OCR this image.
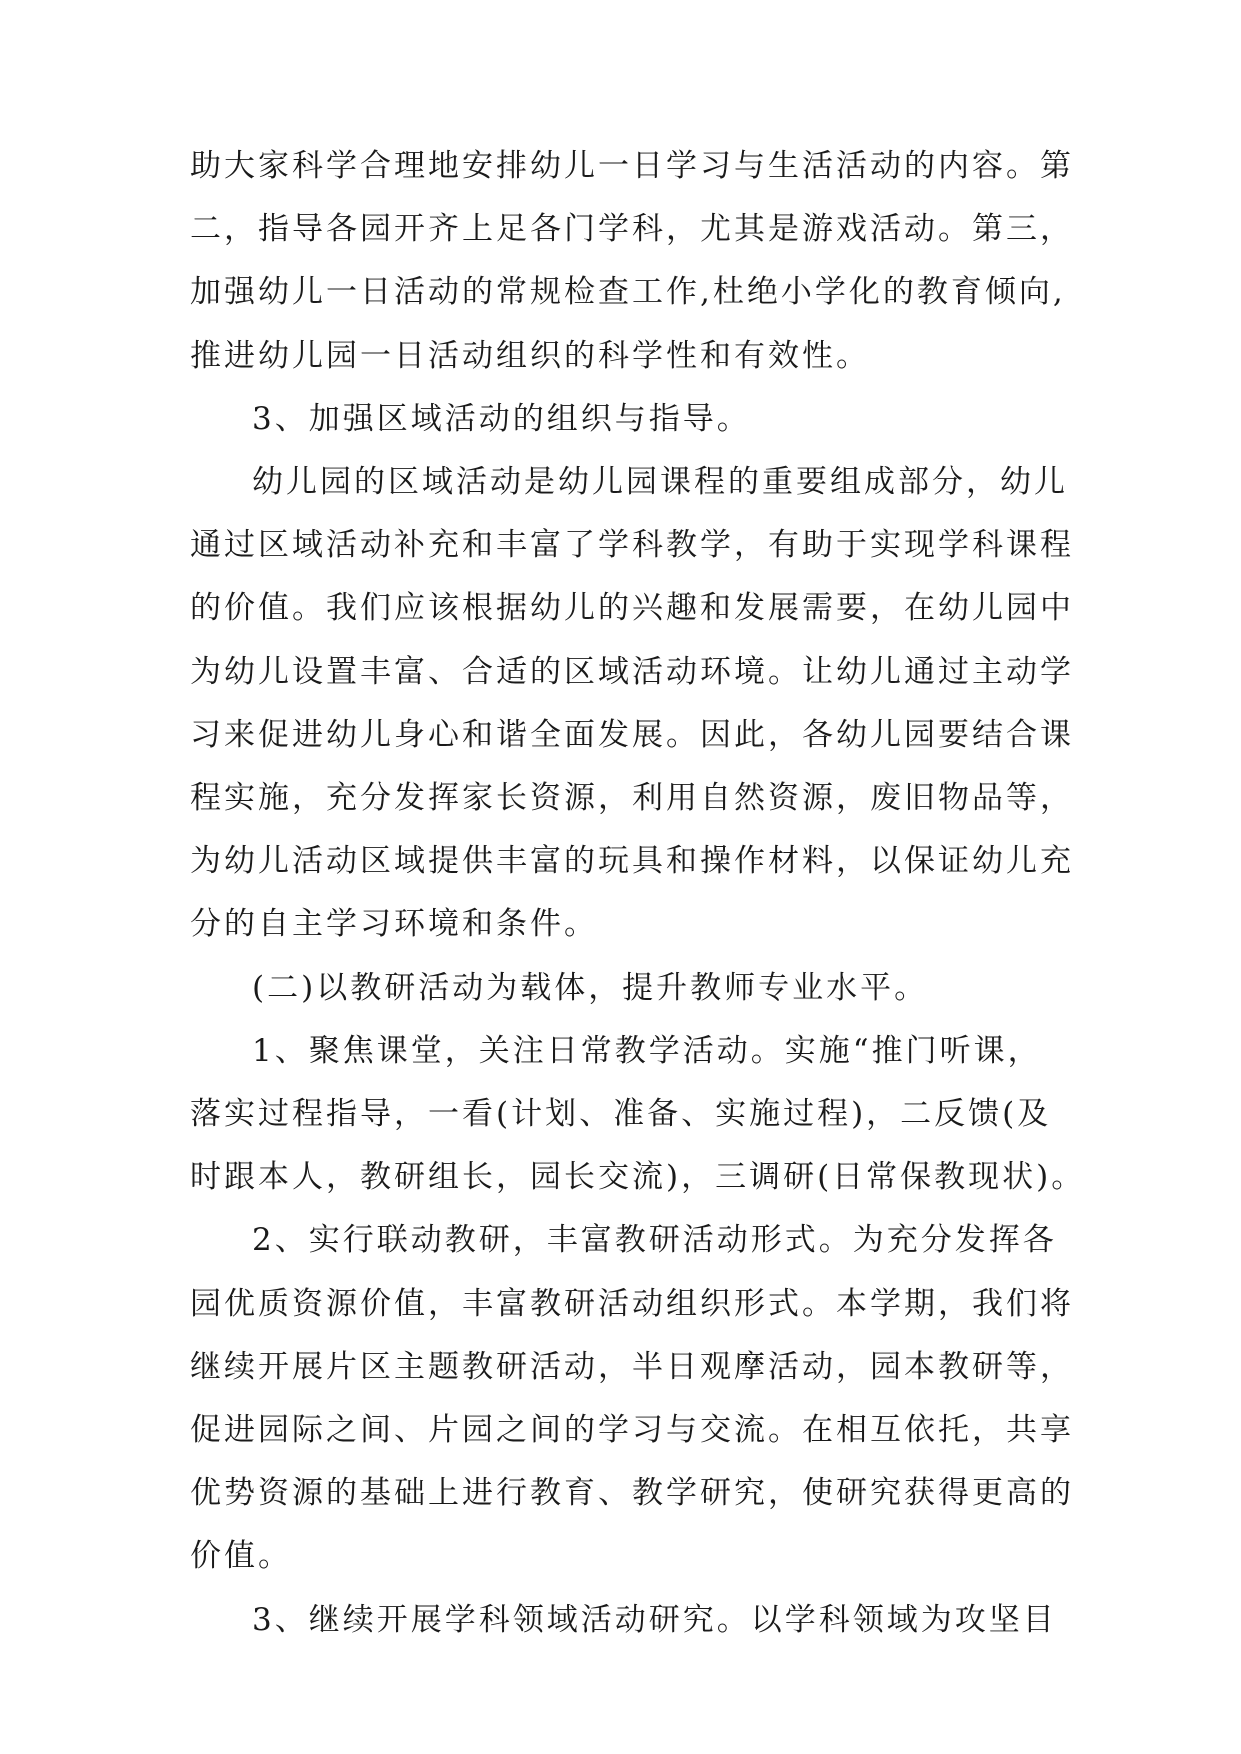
助大家科学合理地安排幼儿一日学习与生活活动的内容。第
二，指导各园开齐上足各门学科，尤其是游戏活动。第三，
加强幼儿一日活动的常规检查工作,杜绝小学化的教育倾向,
推进幼儿园一日活动组织的科学性和有效性。
3、加强区域活动的组织与指导。
幼儿园的区域活动是幼儿园课程的重要组成部分，幼儿
通过区域活动补充和丰富了学科教学，有助于实现学科课程
的价值。我们应该根据幼儿的兴趣和发展需要，在幼儿园中
为幼儿设置丰富、合适的区域活动环境。让幼儿通过主动学
习来促进幼儿身心和谐全面发展。因此，各幼儿园要结合课
程实施，充分发挥家长资源，利用自然资源，废旧物品等，
为幼儿活动区域提供丰富的玩具和操作材料，以保证幼儿充
分的自主学习环境和条件。
(二)以教研活动为载体，提升教师专业水平。
1、聚焦课堂，关注日常教学活动。实施“推门听课，
落实过程指导，一看(计划、准备、实施过程)，二反馈(及
时跟本人，教研组长，园长交流)，三调研(日常保教现状)。
2、实行联动教研，丰富教研活动形式。为充分发挥各
园优质资源价值，丰富教研活动组织形式。本学期，我们将
继续开展片区主题教研活动，半日观摩活动，园本教研等，
促进园际之间、片园之间的学习与交流。在相互依托，共享
优势资源的基础上进行教育、教学研究，使研究获得更高的
价值。
3、继续开展学科领域活动研究。以学科领域为攻坚目
